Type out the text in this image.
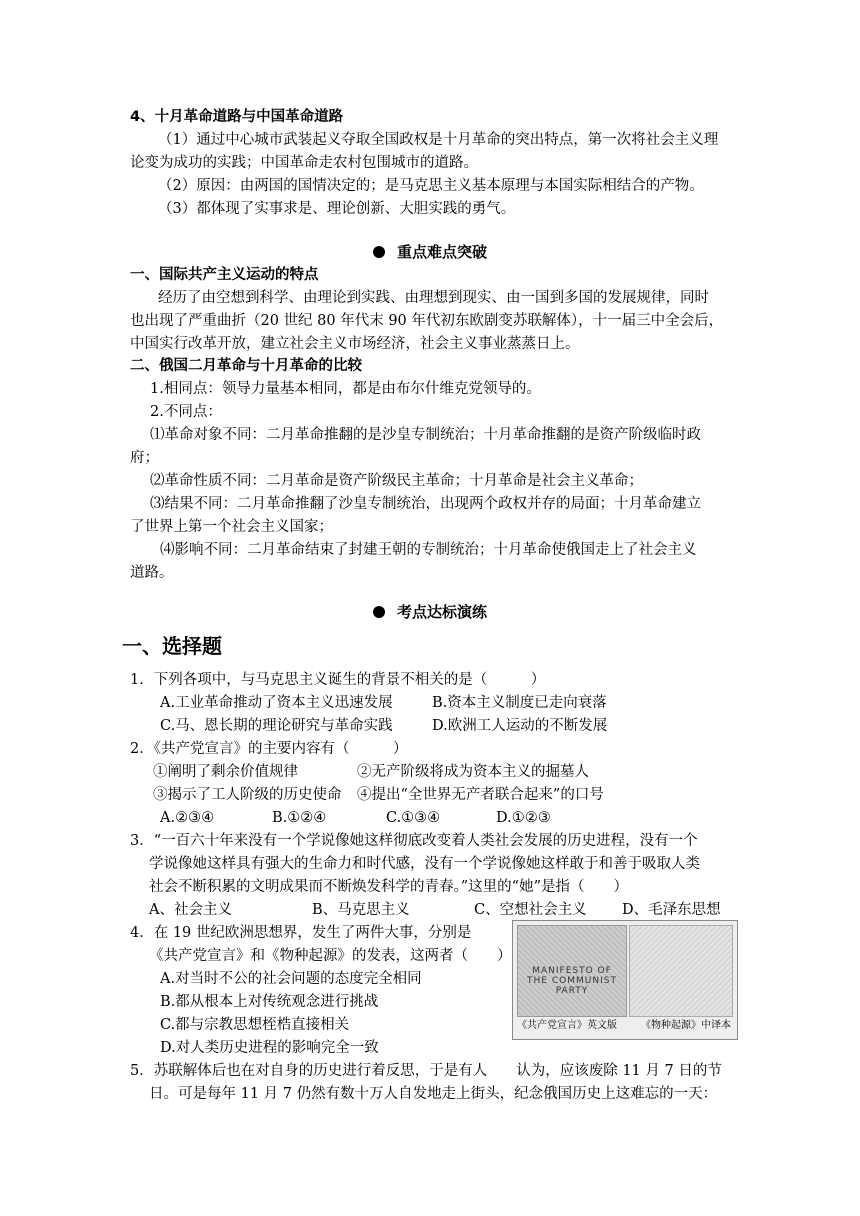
4、十月革命道路与中国革命道路
（1）通过中心城市武装起义夺取全国政权是十月革命的突出特点，第一次将社会主义理
论变为成功的实践；中国革命走农村包围城市的道路。
（2）原因：由两国的国情决定的；是马克思主义基本原理与本国实际相结合的产物。
（3）都体现了实事求是、理论创新、大胆实践的勇气。
重点难点突破
一、国际共产主义运动的特点
经历了由空想到科学、由理论到实践、由理想到现实、由一国到多国的发展规律，同时
也出现了严重曲折（20 世纪 80 年代末 90 年代初东欧剧变苏联解体），十一届三中全会后，
中国实行改革开放，建立社会主义市场经济，社会主义事业蒸蒸日上。
二、俄国二月革命与十月革命的比较
1.相同点：领导力量基本相同，都是由布尔什维克党领导的。
2.不同点：
⑴革命对象不同：二月革命推翻的是沙皇专制统治；十月革命推翻的是资产阶级临时政
府；
⑵革命性质不同：二月革命是资产阶级民主革命；十月革命是社会主义革命；
⑶结果不同：二月革命推翻了沙皇专制统治，出现两个政权并存的局面；十月革命建立
了世界上第一个社会主义国家；
⑷影响不同：二月革命结束了封建王朝的专制统治；十月革命使俄国走上了社会主义
道路。
考点达标演练
一、选择题
1．下列各项中，与马克思主义诞生的背景不相关的是（　　　）
A.工业革命推动了资本主义迅速发展	B.资本主义制度已走向衰落
C.马、恩长期的理论研究与革命实践	D.欧洲工人运动的不断发展
2．《共产党宣言》的主要内容有（　　　）
①阐明了剩余价值规律	②无产阶级将成为资本主义的掘墓人
③揭示了工人阶级的历史使命 ④提出“全世界无产者联合起来”的口号
A.②③④	B.①②④	C.①③④	D.①②③
3．“一百六十年来没有一个学说像她这样彻底改变着人类社会发展的历史进程，没有一个
学说像她这样具有强大的生命力和时代感，没有一个学说像她这样敢于和善于吸取人类
社会不断积累的文明成果而不断焕发科学的青春。”这里的“她”是指（　　）
A、社会主义	B、马克思主义	C、空想社会主义 D、毛泽东思想
4．在 19 世纪欧洲思想界，发生了两件大事，分别是
《共产党宣言》和《物种起源》的发表，这两者（　　）
A.对当时不公的社会问题的态度完全相同
B.都从根本上对传统观念进行挑战
C.都与宗教思想桎梏直接相关
D.对人类历史进程的影响完全一致
MANIFESTO OF THE COMMUNIST PARTY
《共产党宣言》英文版 《物种起源》中译本
5．苏联解体后也在对自身的历史进行着反思，于是有人　　认为，应该废除 11 月 7 日的节
日。可是每年 11 月 7 仍然有数十万人自发地走上街头，纪念俄国历史上这难忘的一天：
